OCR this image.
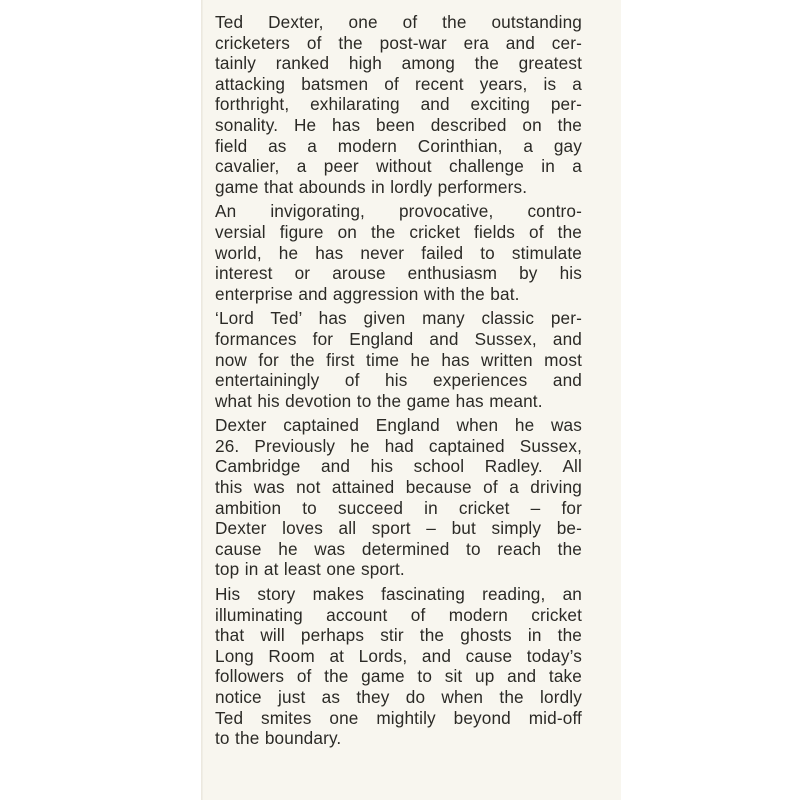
Ted Dexter, one of the outstanding
cricketers of the post-war era and cer-
tainly ranked high among the greatest
attacking batsmen of recent years, is a
forthright, exhilarating and exciting per-
sonality. He has been described on the
field as a modern Corinthian, a gay
cavalier, a peer without challenge in a
game that abounds in lordly performers.
An invigorating, provocative, contro-
versial figure on the cricket fields of the
world, he has never failed to stimulate
interest or arouse enthusiasm by his
enterprise and aggression with the bat.
‘Lord Ted’ has given many classic per-
formances for England and Sussex, and
now for the first time he has written most
entertainingly of his experiences and
what his devotion to the game has meant.
Dexter captained England when he was
26. Previously he had captained Sussex,
Cambridge and his school Radley. All
this was not attained because of a driving
ambition to succeed in cricket – for
Dexter loves all sport – but simply be-
cause he was determined to reach the
top in at least one sport.
His story makes fascinating reading, an
illuminating account of modern cricket
that will perhaps stir the ghosts in the
Long Room at Lords, and cause today’s
followers of the game to sit up and take
notice just as they do when the lordly
Ted smites one mightily beyond mid-off
to the boundary.
